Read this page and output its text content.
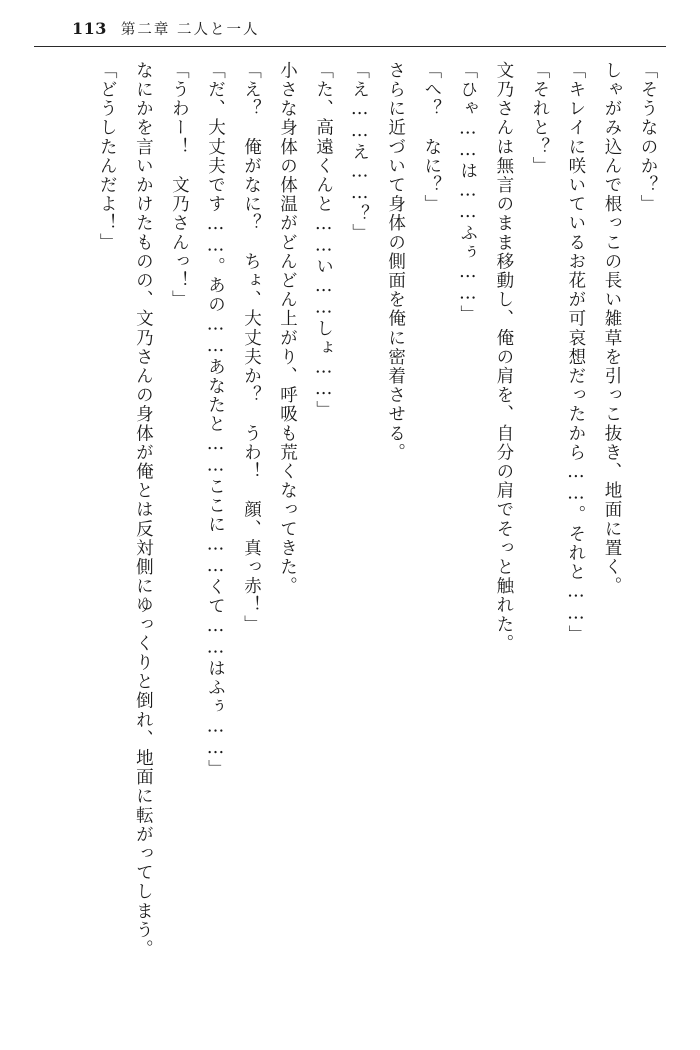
113 第二章 二人と一人

「そうなのか？」

しゃがみ込んで根っこの長い雑草を引っこ抜き、地面に置く。

「キレイに咲いているお花が可哀想だったから……。それと……」

「それと？」

文乃さんは無言のまま移動し、俺の肩を、自分の肩でそっと触れた。

「ひゃ……は……ふぅ……」

「へ？　なに？」

さらに近づいて身体の側面を俺に密着させる。

「え……え……？」

「た、高遠くんと……い……しょ……」

小さな身体の体温がどんどん上がり、呼吸も荒くなってきた。

「え？　俺がなに？　ちょ、大丈夫か？　うわ！　顔、真っ赤！」

「だ、大丈夫です……。あの……あなたと……ここに……くて……はふぅ……」

「うわー！　文乃さんっ！」

なにかを言いかけたものの、文乃さんの身体が俺とは反対側にゆっくりと倒れ、地面に転がってしまう。

「どうしたんだよ！」
